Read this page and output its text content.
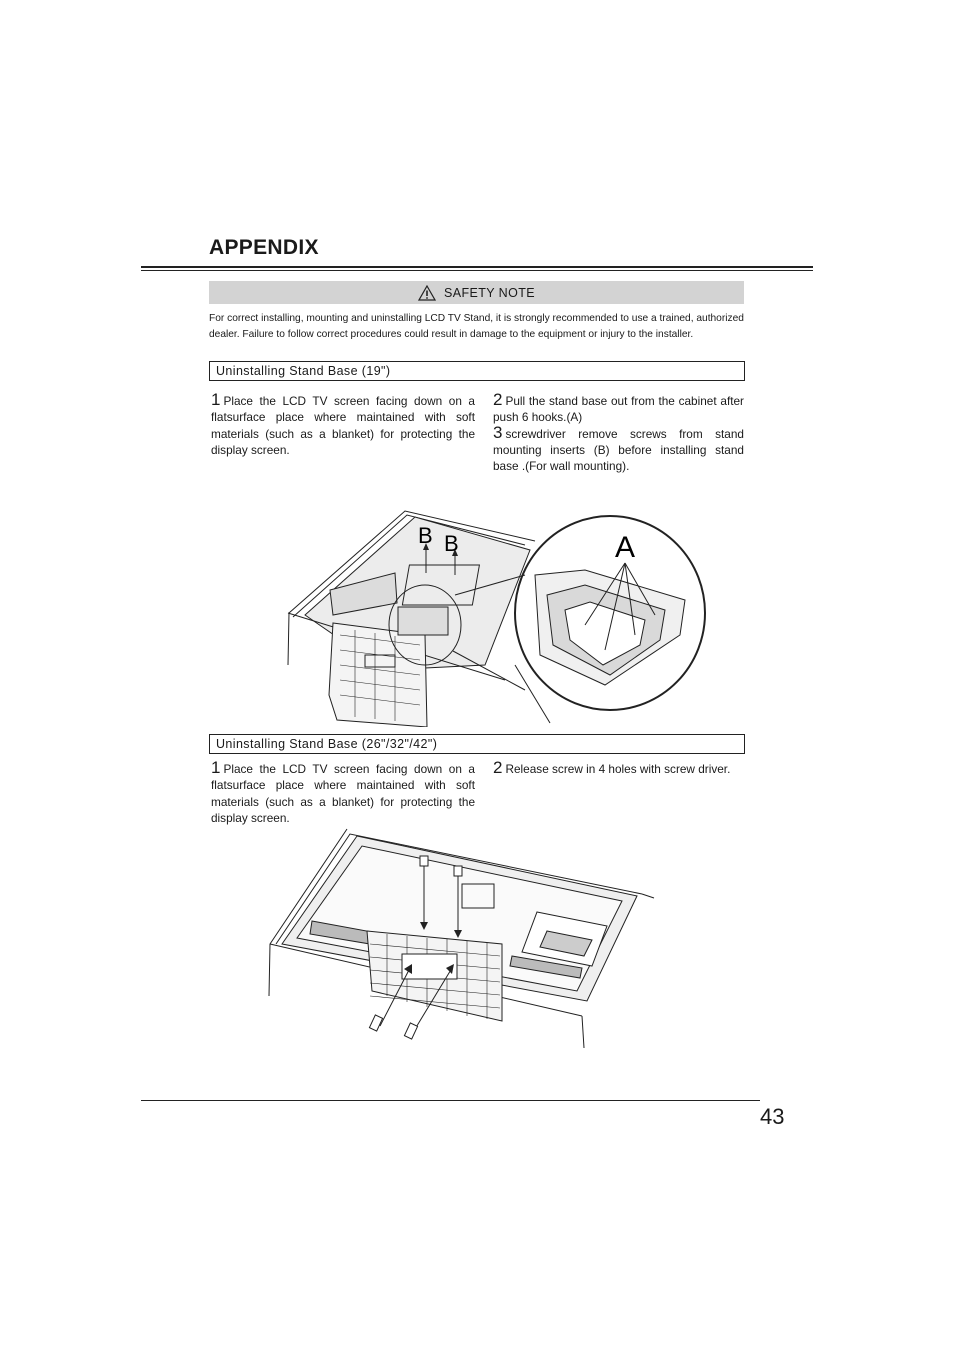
APPENDIX
SAFETY NOTE
For correct installing, mounting and uninstalling LCD TV Stand, it is strongly recommended to use a trained, authorized dealer. Failure to follow correct procedures could result in damage to the equipment or injury to the installer.
Uninstalling Stand Base (19")
1 Place the LCD TV screen facing down on a flatsurface place where maintained with soft materials (such as a blanket) for protecting the display screen.
2 Pull the stand base out from the cabinet after push 6 hooks.(A)
3 screwdriver remove screws from stand mounting inserts (B) before installing stand base .(For wall mounting).
B B	A
Uninstalling Stand Base (26"/32"/42")
1 Place the LCD TV screen facing down on a flatsurface place where maintained with soft materials (such as a blanket) for protecting the display screen.
2 Release screw in 4 holes with screw driver.
43
